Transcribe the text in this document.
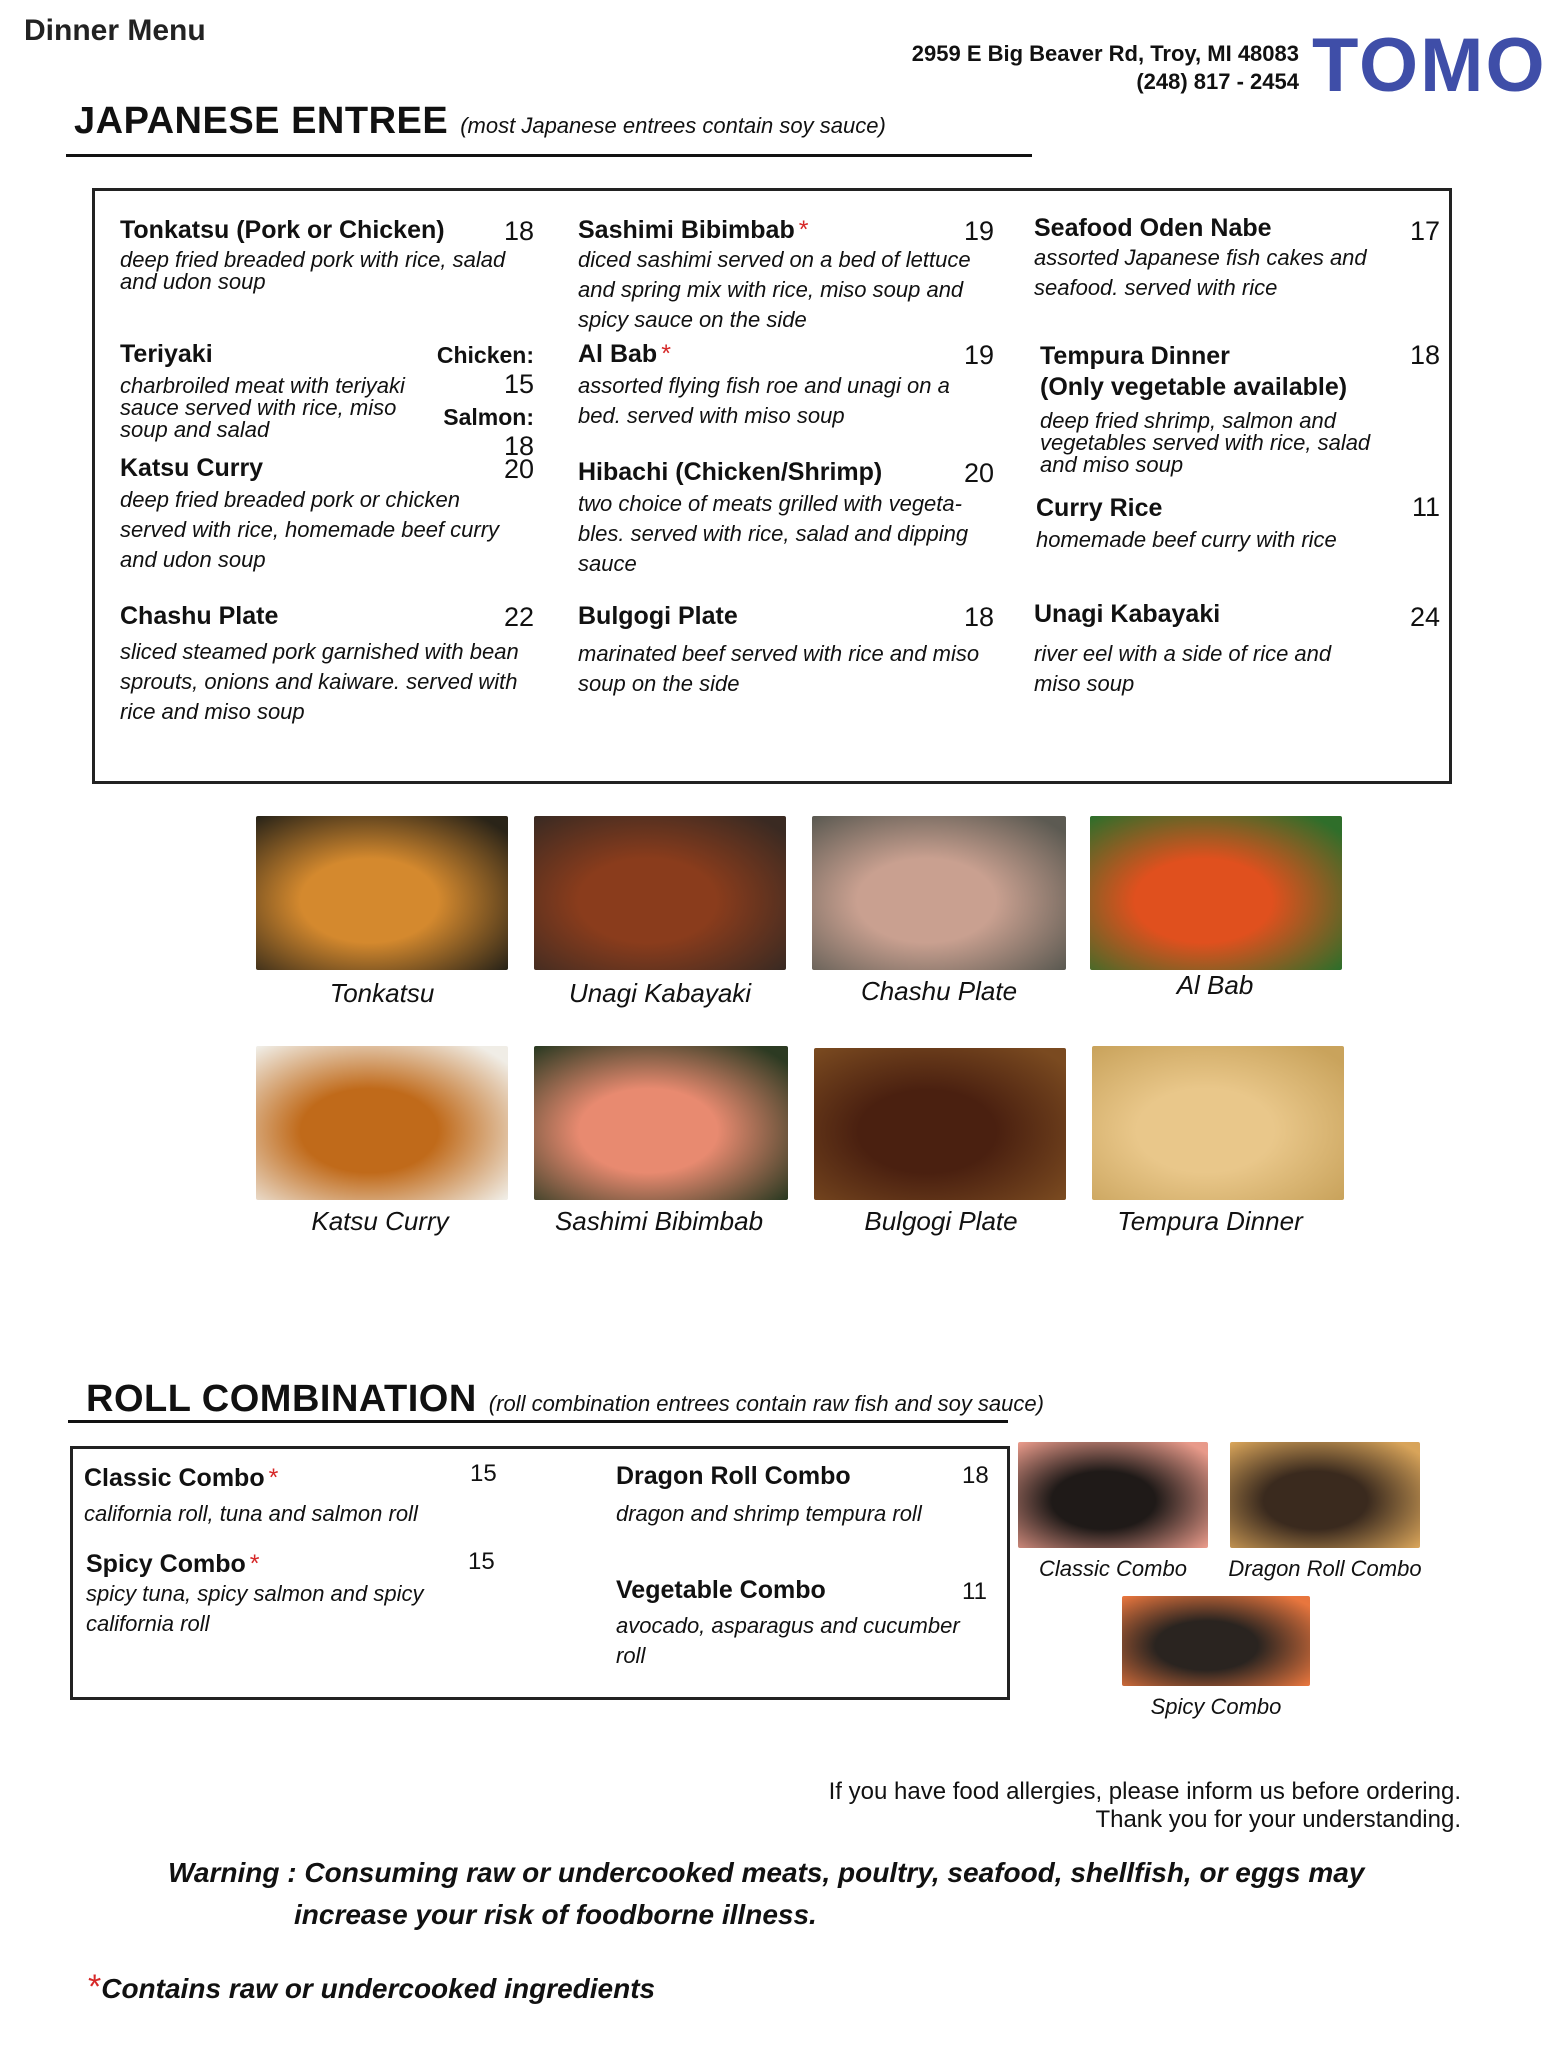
Dinner Menu
2959 E Big Beaver Rd, Troy, MI 48083
(248) 817 - 2454 TOMO
JAPANESE ENTREE (most Japanese entrees contain soy sauce)
Tonkatsu (Pork or Chicken)
deep fried breaded pork with rice, salad and udon soup
18
Teriyaki
charbroiled meat with teriyaki sauce served with rice, miso soup and salad
Chicken: 15
Salmon: 18
Katsu Curry
deep fried breaded pork or chicken served with rice, homemade beef curry and udon soup
20
Chashu Plate
sliced steamed pork garnished with bean sprouts, onions and kaiware. served with rice and miso soup
22
Sashimi Bibimbab *
diced sashimi served on a bed of lettuce and spring mix with rice, miso soup and spicy sauce on the side
19
Al Bab *
assorted flying fish roe and unagi on a bed. served with miso soup
19
Hibachi (Chicken/Shrimp)
two choice of meats grilled with vegeta-bles. served with rice, salad and dipping sauce
20
Bulgogi Plate
marinated beef served with rice and miso soup on the side
18
Seafood Oden Nabe
assorted Japanese fish cakes and seafood. served with rice
17
Tempura Dinner
(Only vegetable available)
deep fried shrimp, salmon and vegetables served with rice, salad and miso soup
18
Curry Rice
homemade beef curry with rice
11
Unagi Kabayaki
river eel with a side of rice and miso soup
24
Tonkatsu	Unagi Kabayaki	Chashu Plate	Al Bab
Katsu Curry	Sashimi Bibimbab	Bulgogi Plate	Tempura Dinner
ROLL COMBINATION (roll combination entrees contain raw fish and soy sauce)
Classic Combo *
california roll, tuna and salmon roll
15
Spicy Combo *
spicy tuna, spicy salmon and spicy california roll
15
Dragon Roll Combo
dragon and shrimp tempura roll
18
Vegetable Combo
avocado, asparagus and cucumber roll
11
Classic Combo	Dragon Roll Combo
Spicy Combo
If you have food allergies, please inform us before ordering.
Thank you for your understanding.
Warning : Consuming raw or undercooked meats, poultry, seafood, shellfish, or eggs may
increase your risk of foodborne illness.
*Contains raw or undercooked ingredients
